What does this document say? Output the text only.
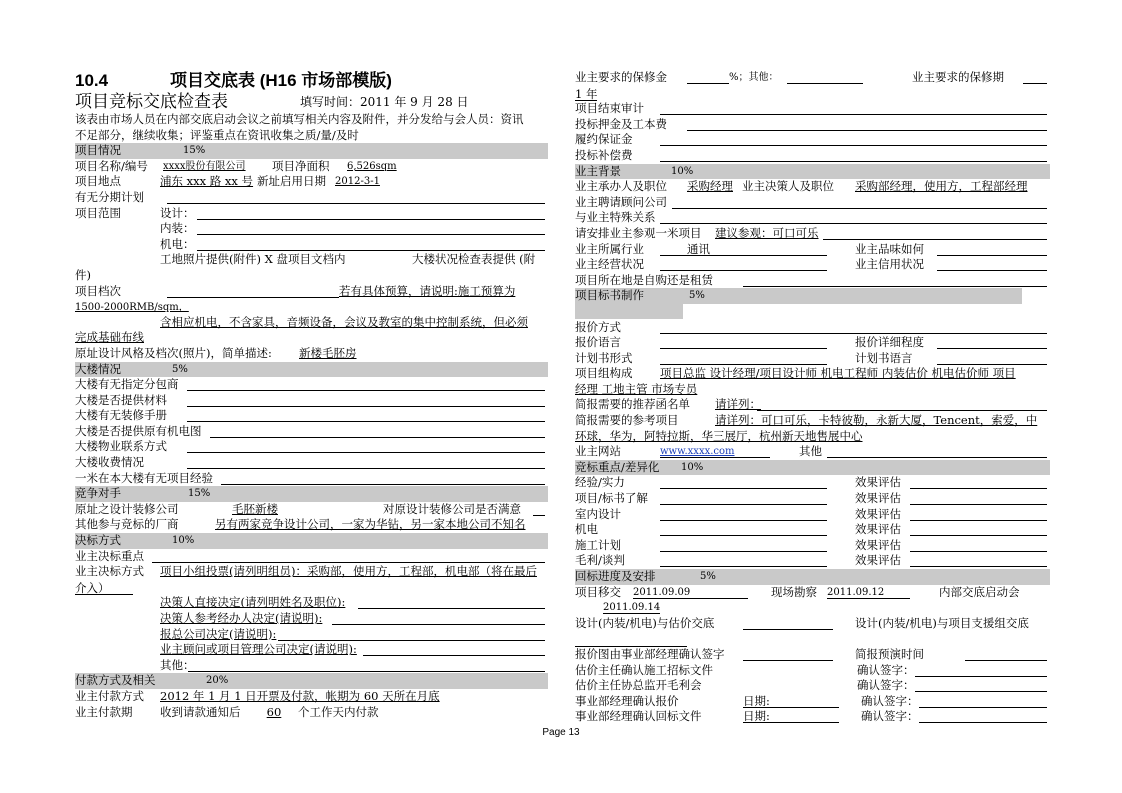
10.4	项目交底表 (H16 市场部模版)
项目竞标交底检查表	填写时间：2011 年 9 月 28 日
该表由市场人员在内部交底启动会议之前填写相关内容及附件，并分发给与会人员：资讯
不足部分，继续收集；评鉴重点在资讯收集之质/量/及时
项目情况	15%
项目名称/编号 xxxx股份有限公司 项目净面积 6,526sqm
项目地点	浦东 xxx 路 xx 号 新址启用日期 2012-3-1
有无分期计划
项目范围	设计：
内装：
机电：
工地照片提供(附件) X 盘项目文档内	大楼状况检查表提供 (附
件)
项目档次	若有具体预算，请说明:施工预算为
1500-2000RMB/sqm，
含相应机电，不含家具，音频设备，会议及教室的集中控制系统，但必须
完成基础布线
原址设计风格及档次(照片)，简单描述: 新楼毛胚房
大楼情况	5%
大楼有无指定分包商
大楼是否提供材料
大楼有无装修手册
大楼是否提供原有机电图
大楼物业联系方式
大楼收费情况
一米在本大楼有无项目经验
竞争对手	15%
原址之设计装修公司	毛胚新楼	对原设计装修公司是否满意
其他参与竞标的厂商	另有两家竞争设计公司，一家为华钻，另一家本地公司不知名
决标方式	10%
业主决标重点
业主决标方式 项目小组投票(请列明组员)：采购部，使用方，工程部，机电部（将在最后
介入）
决策人直接决定(请列明姓名及职位):
决策人参考经办人决定(请说明):
报总公司决定(请说明):
业主顾问或项目管理公司决定(请说明):
其他：
付款方式及相关	20%
业主付款方式 2012 年 1 月 1 日开票及付款，帐期为 60 天所在月底
业主付款期 收到请款通知后	60	个工作天内付款
业主要求的保修金	%；其他：	业主要求的保修期
1 年
项目结束审计
投标押金及工本费
履约保证金
投标补偿费
业主背景	10%
业主承办人及职位 采购经理 业主决策人及职位 采购部经理，使用方，工程部经理
业主聘请顾问公司
与业主特殊关系
请安排业主参观一米项目 建议参观：可口可乐
业主所属行业	通讯	业主品味如何
业主经营状况	业主信用状况
项目所在地是自购还是租赁
项目标书制作	5%
报价方式
报价语言	报价详细程度
计划书形式	计划书语言
项目组构成 项目总监 设计经理/项目设计师 机电工程师 内装估价 机电估价师 项目
经理 工地主管 市场专员
简报需要的推荐函名单 请详列：
简报需要的参考项目	请详列：可口可乐，卡特彼勒，永新大厦，Tencent，索爱，中
环球，华为，阿特拉斯，华三展厅，杭州新天地售展中心
业主网站	www.xxxx.com	其他
竞标重点/差异化 10%
经验/实力	效果评估
项目/标书了解	效果评估
室内设计	效果评估
机电	效果评估
施工计划	效果评估
毛利/谈判	效果评估
回标进度及安排	5%
项目移交 2011.09.09	现场勘察 2011.09.12	内部交底启动会
2011.09.14
设计(内装/机电)与估价交底	设计(内装/机电)与项目支援组交底
报价图由事业部经理确认签字	简报预演时间
估价主任确认施工招标文件	确认签字：
估价主任协总监开毛利会	确认签字：
事业部经理确认报价	日期:	确认签字：
事业部经理确认回标文件	日期:	确认签字：
Page 13
